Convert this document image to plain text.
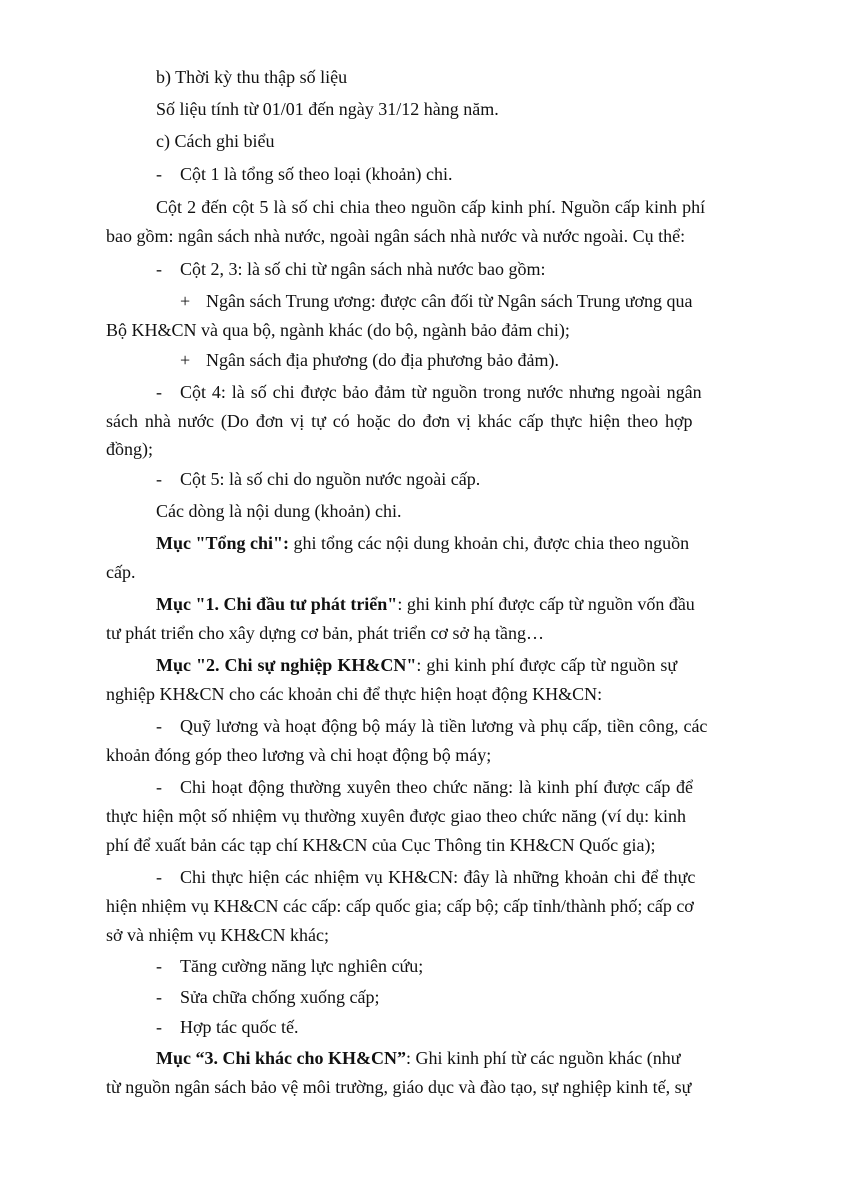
b) Thời kỳ thu thập số liệu
Số liệu tính từ 01/01 đến ngày 31/12 hàng năm.
c) Cách ghi biểu
- Cột 1 là tổng số theo loại (khoản) chi.
Cột 2 đến cột 5 là số chi chia theo nguồn cấp kinh phí. Nguồn cấp kinh phí
bao gồm: ngân sách nhà nước, ngoài ngân sách nhà nước và nước ngoài. Cụ thể:
- Cột 2, 3: là số chi từ ngân sách nhà nước bao gồm:
+ Ngân sách Trung ương: được cân đối từ Ngân sách Trung ương qua
Bộ KH&CN và qua bộ, ngành khác (do bộ, ngành bảo đảm chi);
+ Ngân sách địa phương (do địa phương bảo đảm).
- Cột 4: là số chi được bảo đảm từ nguồn trong nước nhưng ngoài ngân
sách nhà nước (Do đơn vị tự có hoặc do đơn vị khác cấp thực hiện theo hợp
đồng);
- Cột 5: là số chi do nguồn nước ngoài cấp.
Các dòng là nội dung (khoản) chi.
Mục "Tổng chi": ghi tổng các nội dung khoản chi, được chia theo nguồn
cấp.
Mục "1. Chi đầu tư phát triển": ghi kinh phí được cấp từ nguồn vốn đầu
tư phát triển cho xây dựng cơ bản, phát triển cơ sở hạ tầng…
Mục "2. Chi sự nghiệp KH&CN": ghi kinh phí được cấp từ nguồn sự
nghiệp KH&CN cho các khoản chi để thực hiện hoạt động KH&CN:
- Quỹ lương và hoạt động bộ máy là tiền lương và phụ cấp, tiền công, các
khoản đóng góp theo lương và chi hoạt động bộ máy;
- Chi hoạt động thường xuyên theo chức năng: là kinh phí được cấp để
thực hiện một số nhiệm vụ thường xuyên được giao theo chức năng (ví dụ: kinh
phí để xuất bản các tạp chí KH&CN của Cục Thông tin KH&CN Quốc gia);
- Chi thực hiện các nhiệm vụ KH&CN: đây là những khoản chi để thực
hiện nhiệm vụ KH&CN các cấp: cấp quốc gia; cấp bộ; cấp tỉnh/thành phố; cấp cơ
sở và nhiệm vụ KH&CN khác;
- Tăng cường năng lực nghiên cứu;
- Sửa chữa chống xuống cấp;
- Hợp tác quốc tế.
Mục “3. Chi khác cho KH&CN”: Ghi kinh phí từ các nguồn khác (như
từ nguồn ngân sách bảo vệ môi trường, giáo dục và đào tạo, sự nghiệp kinh tế, sự
